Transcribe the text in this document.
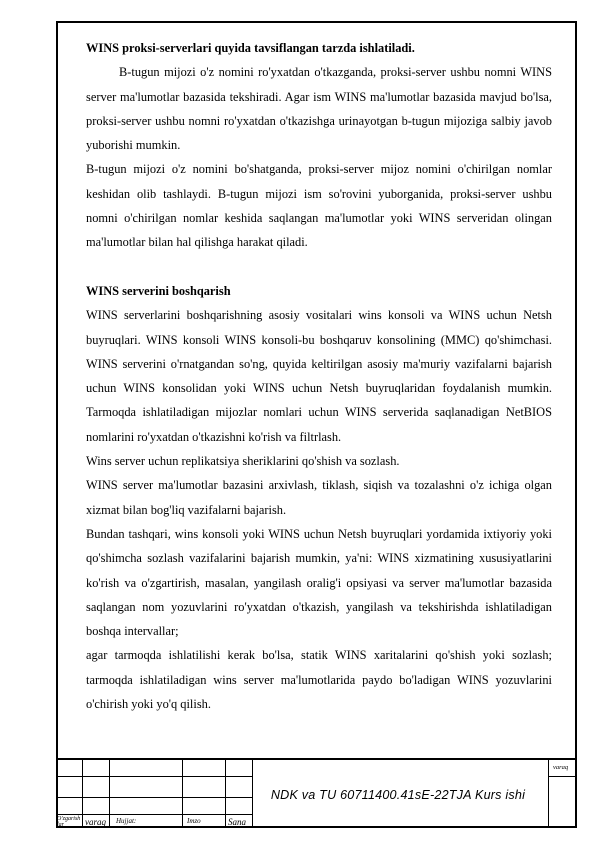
WINS proksi-serverlari quyida tavsiflangan tarzda ishlatiladi.

B-tugun mijozi o'z nomini ro'yxatdan o'tkazganda, proksi-server ushbu nomni WINS server ma'lumotlar bazasida tekshiradi. Agar ism WINS ma'lumotlar bazasida mavjud bo'lsa, proksi-server ushbu nomni ro'yxatdan o'tkazishga urinayotgan b-tugun mijoziga salbiy javob yuborishi mumkin.

B-tugun mijozi o'z nomini bo'shatganda, proksi-server mijoz nomini o'chirilgan nomlar keshidan olib tashlaydi. B-tugun mijozi ism so'rovini yuborganida, proksi-server ushbu nomni o'chirilgan nomlar keshida saqlangan ma'lumotlar yoki WINS serveridan olingan ma'lumotlar bilan hal qilishga harakat qiladi.

WINS serverini boshqarish

WINS serverlarini boshqarishning asosiy vositalari wins konsoli va WINS uchun Netsh buyruqlari. WINS konsoli WINS konsoli-bu boshqaruv konsolining (MMC) qo'shimchasi. WINS serverini o'rnatgandan so'ng, quyida keltirilgan asosiy ma'muriy vazifalarni bajarish uchun WINS konsolidan yoki WINS uchun Netsh buyruqlaridan foydalanish mumkin. Tarmoqda ishlatiladigan mijozlar nomlari uchun WINS serverida saqlanadigan NetBIOS nomlarini ro'yxatdan o'tkazishni ko'rish va filtrlash.

Wins server uchun replikatsiya sheriklarini qo'shish va sozlash.

WINS server ma'lumotlar bazasini arxivlash, tiklash, siqish va tozalashni o'z ichiga olgan xizmat bilan bog'liq vazifalarni bajarish.

Bundan tashqari, wins konsoli yoki WINS uchun Netsh buyruqlari yordamida ixtiyoriy yoki qo'shimcha sozlash vazifalarini bajarish mumkin, ya'ni: WINS xizmatining xususiyatlarini ko'rish va o'zgartirish, masalan, yangilash oralig'i opsiyasi va server ma'lumotlar bazasida saqlangan nom yozuvlarini ro'yxatdan o'tkazish, yangilash va tekshirishda ishlatiladigan boshqa intervallar;

agar tarmoqda ishlatilishi kerak bo'lsa, statik WINS xaritalarini qo'shish yoki sozlash; tarmoqda ishlatiladigan wins server ma'lumotlarida paydo bo'ladigan WINS yozuvlarini o'chirish yoki yo'q qilish.

O'zgarish
lar	varaq Hujjat:	Imzo	Sana
NDK va TU 60711400.41sE-22TJA Kurs ishi
varaq
